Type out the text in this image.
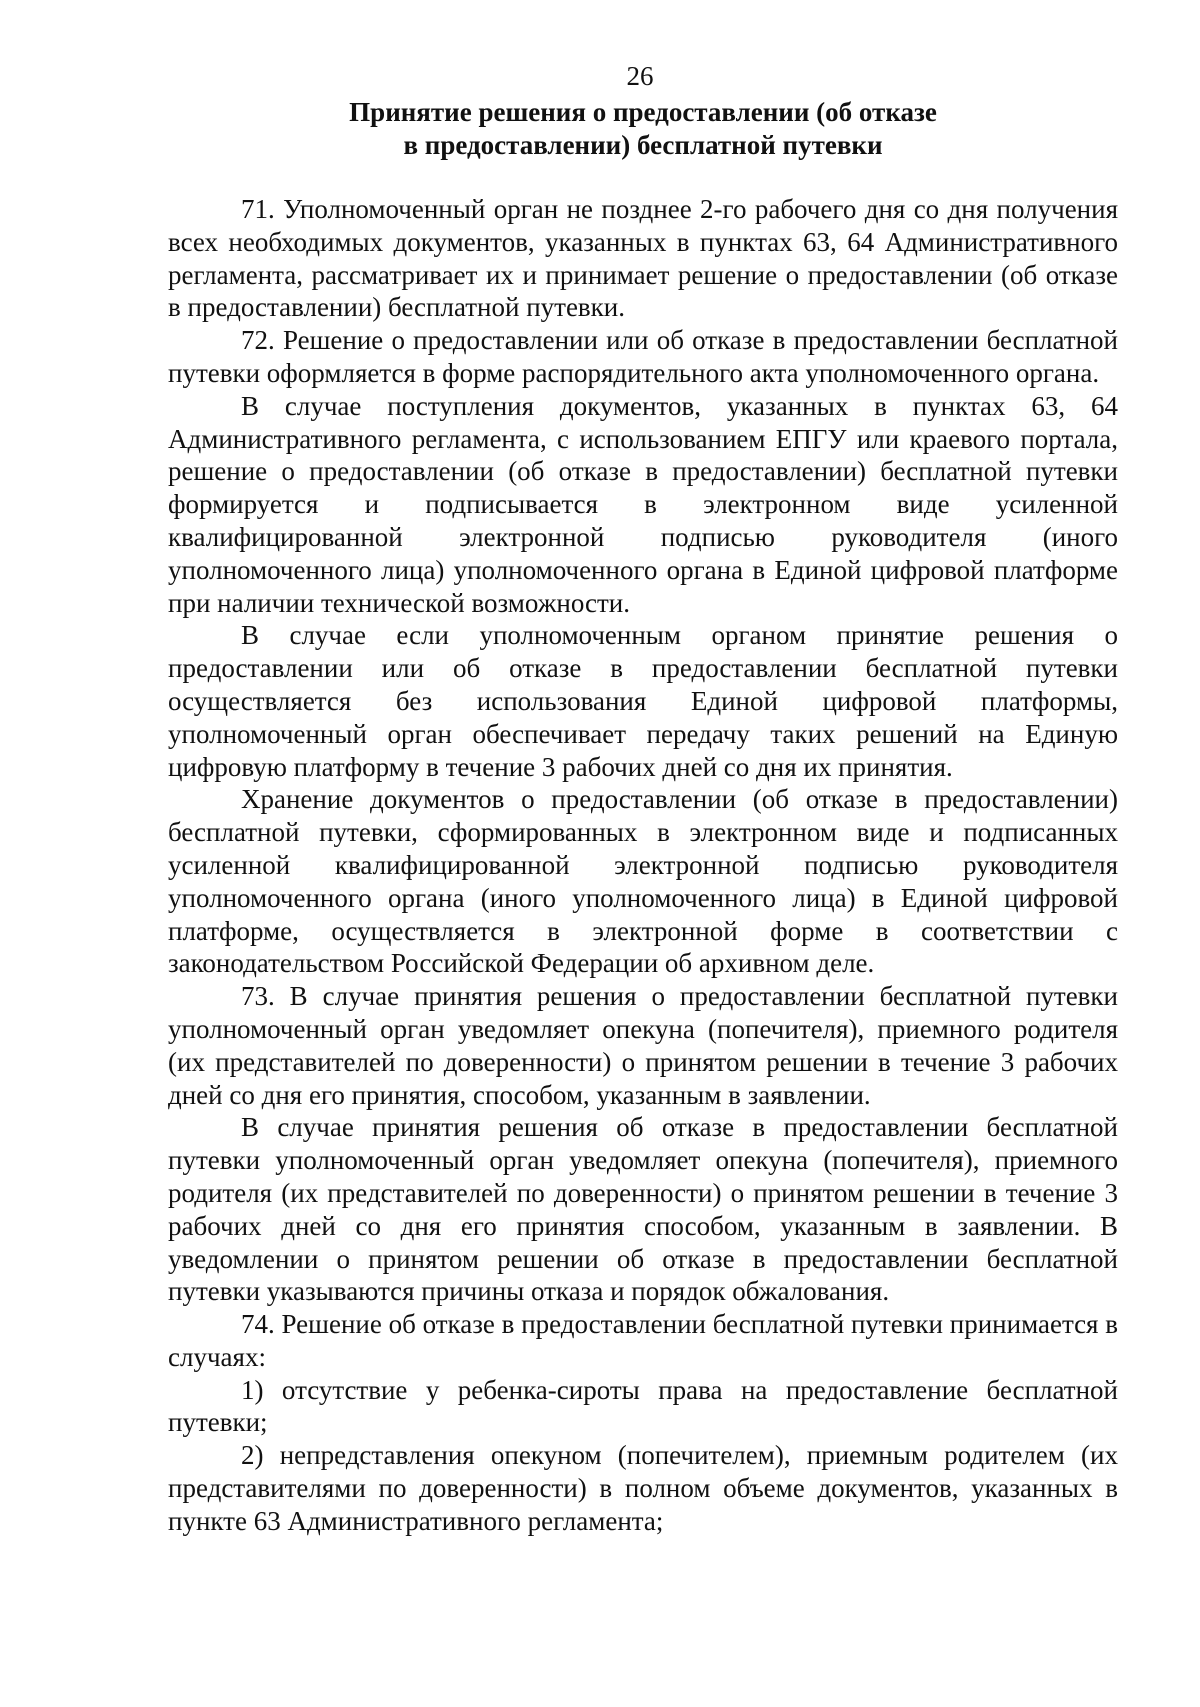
26
Принятие решения о предоставлении (об отказе
в предоставлении) бесплатной путевки

71. Уполномоченный орган не позднее 2-го рабочего дня со дня получения всех необходимых документов, указанных в пунктах 63, 64 Административного регламента, рассматривает их и принимает решение о предоставлении (об отказе в предоставлении) бесплатной путевки.

72. Решение о предоставлении или об отказе в предоставлении бесплатной путевки оформляется в форме распорядительного акта уполномоченного органа.

В случае поступления документов, указанных в пунктах 63, 64 Административного регламента, с использованием ЕПГУ или краевого портала, решение о предоставлении (об отказе в предоставлении) бесплатной путевки формируется и подписывается в электронном виде усиленной квалифицированной электронной подписью руководителя (иного уполномоченного лица) уполномоченного органа в Единой цифровой платформе при наличии технической возможности.

В случае если уполномоченным органом принятие решения о предоставлении или об отказе в предоставлении бесплатной путевки осуществляется без использования Единой цифровой платформы, уполномоченный орган обеспечивает передачу таких решений на Единую цифровую платформу в течение 3 рабочих дней со дня их принятия.

Хранение документов о предоставлении (об отказе в предоставлении) бесплатной путевки, сформированных в электронном виде и подписанных усиленной квалифицированной электронной подписью руководителя уполномоченного органа (иного уполномоченного лица) в Единой цифровой платформе, осуществляется в электронной форме в соответствии с законодательством Российской Федерации об архивном деле.

73. В случае принятия решения о предоставлении бесплатной путевки уполномоченный орган уведомляет опекуна (попечителя), приемного родителя (их представителей по доверенности) о принятом решении в течение 3 рабочих дней со дня его принятия, способом, указанным в заявлении.

В случае принятия решения об отказе в предоставлении бесплатной путевки уполномоченный орган уведомляет опекуна (попечителя), приемного родителя (их представителей по доверенности) о принятом решении в течение 3 рабочих дней со дня его принятия способом, указанным в заявлении. В уведомлении о принятом решении об отказе в предоставлении бесплатной путевки указываются причины отказа и порядок обжалования.

74. Решение об отказе в предоставлении бесплатной путевки принимается в случаях:

1) отсутствие у ребенка-сироты права на предоставление бесплатной путевки;

2) непредставления опекуном (попечителем), приемным родителем (их представителями по доверенности) в полном объеме документов, указанных в пункте 63 Административного регламента;
